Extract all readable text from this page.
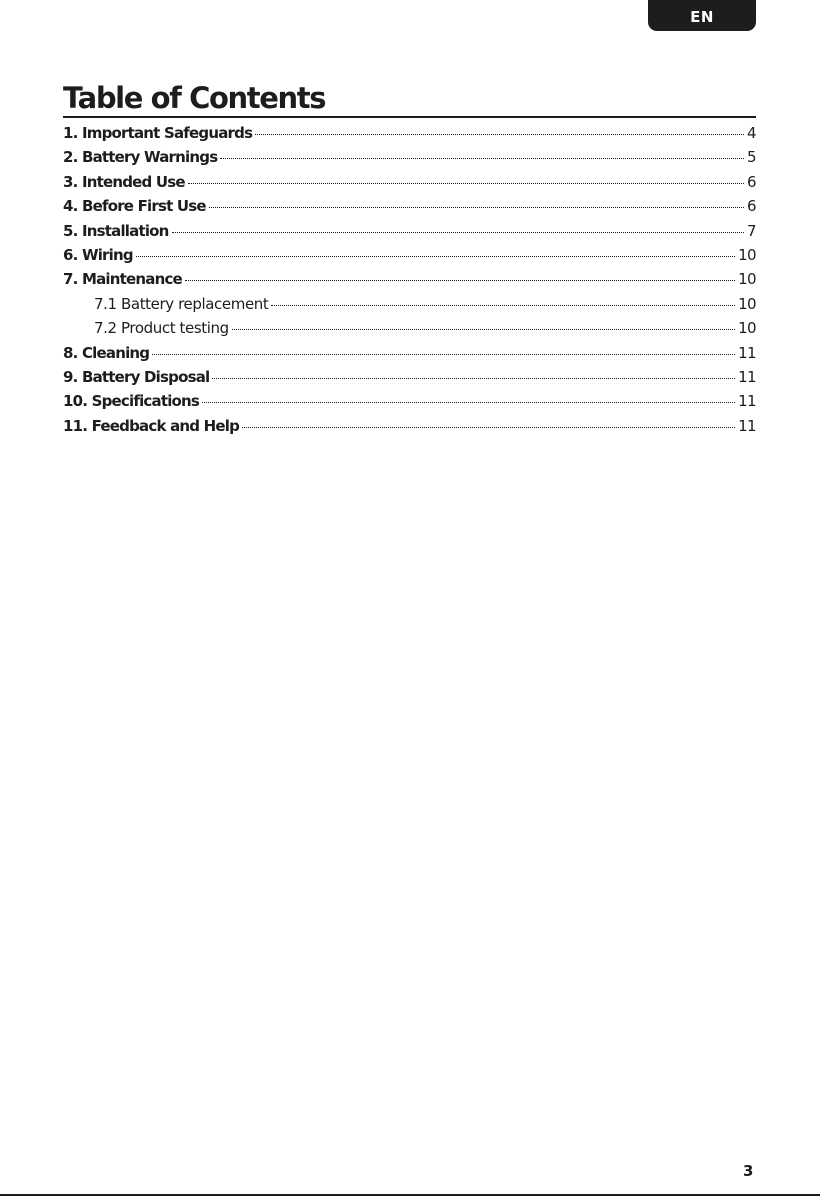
EN
Table of Contents
1. Important Safeguards	4
2. Battery Warnings	5
3. Intended Use	6
4. Before First Use	6
5. Installation	7
6. Wiring	10
7. Maintenance	10
7.1 Battery replacement	10
7.2 Product testing	10
8. Cleaning	11
9. Battery Disposal	11
10. Specifications	11
11. Feedback and Help	11
3
